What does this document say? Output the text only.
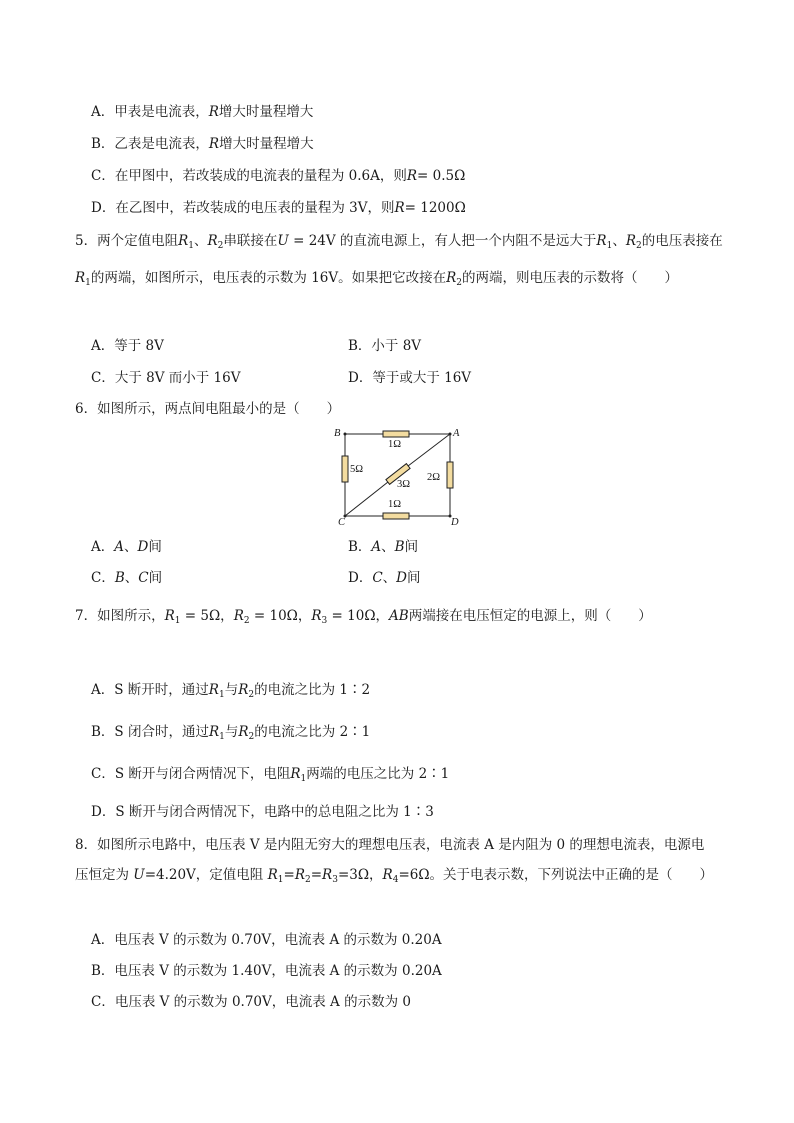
A．甲表是电流表，R增大时量程增大
B．乙表是电流表，R增大时量程增大
C．在甲图中，若改装成的电流表的量程为 0.6A，则R= 0.5Ω
D．在乙图中，若改装成的电压表的量程为 3V，则R= 1200Ω
5．两个定值电阻$R_1$、$R_2$串联接在U = 24V 的直流电源上，有人把一个内阻不是远大于$R_1$、$R_2$的电压表接在
$R_1$的两端，如图所示，电压表的示数为 16V。如果把它改接在$R_2$的两端，则电压表的示数将（　　）
A．等于 8V	B．小于 8V
C．大于 8V 而小于 16V	D．等于或大于 16V
6．如图所示，两点间电阻最小的是（　　）
B	A
C	D
1Ω
5Ω
3Ω
2Ω
1Ω
A．A、D间	B．A、B间
C．B、C间	D．C、D间
7．如图所示，$R_1 = 5\Omega$，$R_2 = 10\Omega$，$R_3 = 10\Omega$，AB两端接在电压恒定的电源上，则（　　）
A．S 断开时，通过$R_1$与$R_2$的电流之比为 1∶2
B．S 闭合时，通过$R_1$与$R_2$的电流之比为 2∶1
C．S 断开与闭合两情况下，电阻$R_1$两端的电压之比为 2∶1
D．S 断开与闭合两情况下，电路中的总电阻之比为 1∶3
8．如图所示电路中，电压表 V 是内阻无穷大的理想电压表，电流表 A 是内阻为 0 的理想电流表，电源电
压恒定为 U=4.20V，定值电阻 $R_1=R_2=R_3=3\Omega$，$R_4=6\Omega$。关于电表示数，下列说法中正确的是（　　）
A．电压表 V 的示数为 0.70V，电流表 A 的示数为 0.20A
B．电压表 V 的示数为 1.40V，电流表 A 的示数为 0.20A
C．电压表 V 的示数为 0.70V，电流表 A 的示数为 0
